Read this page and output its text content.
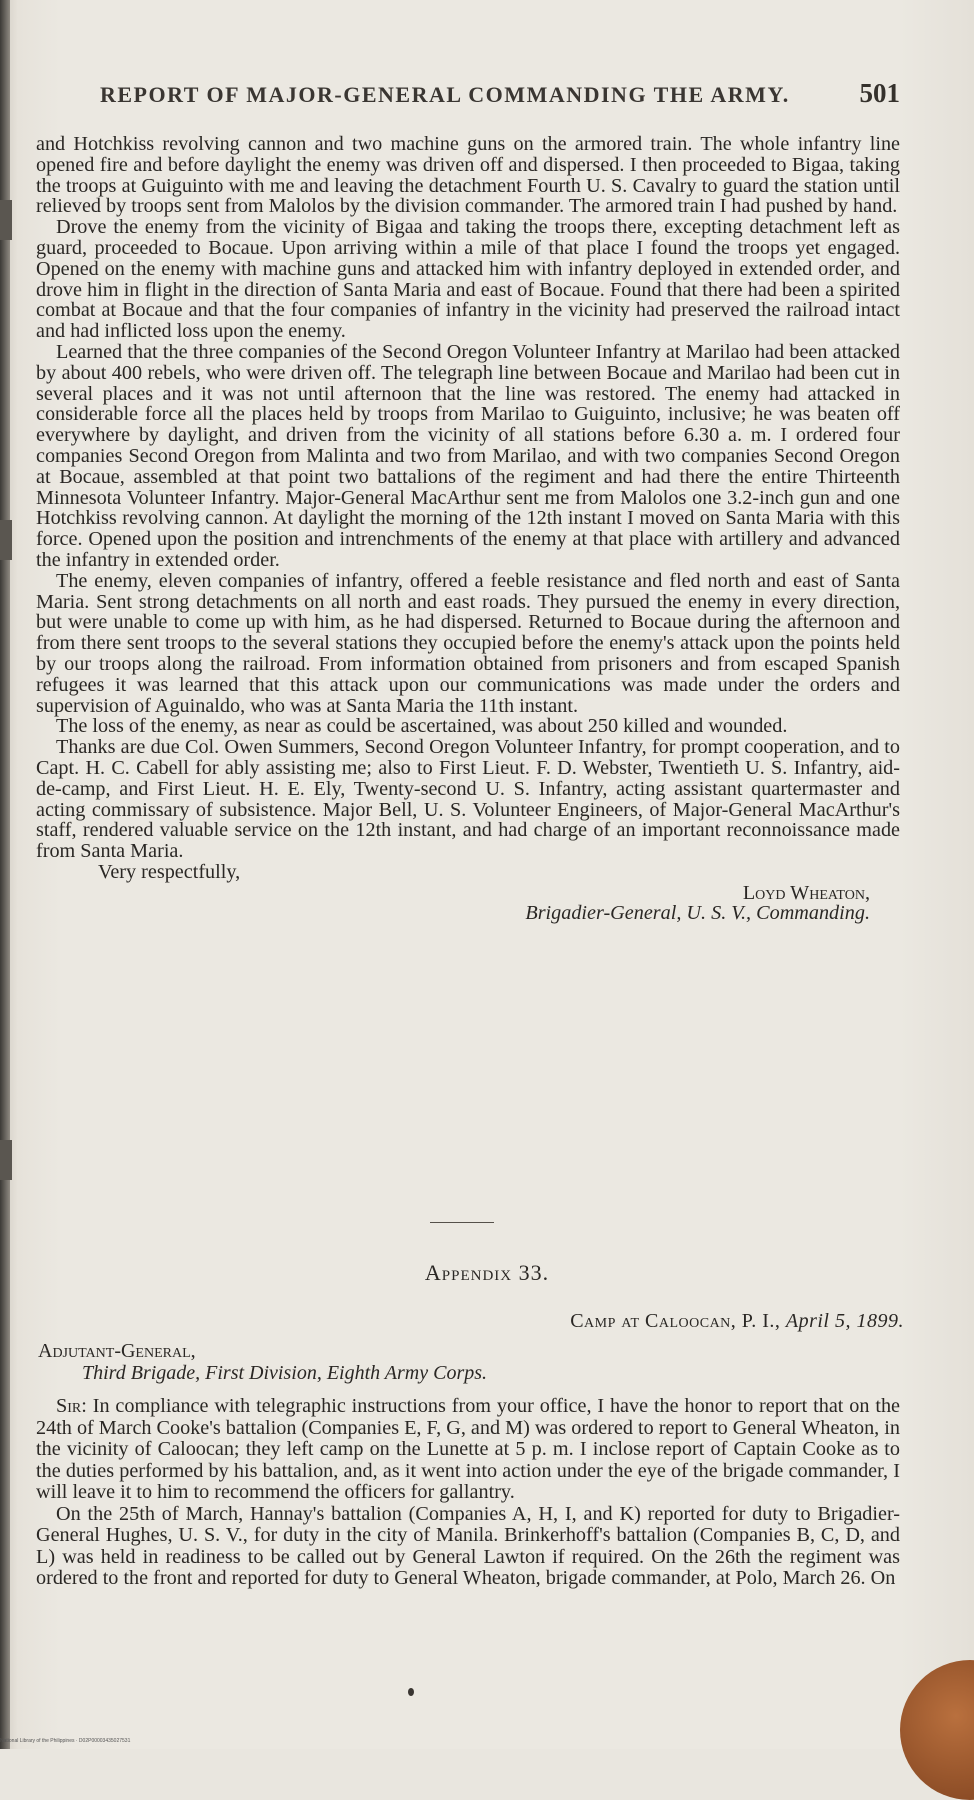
REPORT OF MAJOR-GENERAL COMMANDING THE ARMY.	501

and Hotchkiss revolving cannon and two machine guns on the armored train. The whole infantry line opened fire and before daylight the enemy was driven off and dispersed. I then proceeded to Bigaa, taking the troops at Guiguinto with me and leaving the detachment Fourth U. S. Cavalry to guard the station until relieved by troops sent from Malolos by the division commander. The armored train I had pushed by hand.

Drove the enemy from the vicinity of Bigaa and taking the troops there, excepting detachment left as guard, proceeded to Bocaue. Upon arriving within a mile of that place I found the troops yet engaged. Opened on the enemy with machine guns and attacked him with infantry deployed in extended order, and drove him in flight in the direction of Santa Maria and east of Bocaue. Found that there had been a spirited combat at Bocaue and that the four companies of infantry in the vicinity had preserved the railroad intact and had inflicted loss upon the enemy.

Learned that the three companies of the Second Oregon Volunteer Infantry at Marilao had been attacked by about 400 rebels, who were driven off. The telegraph line between Bocaue and Marilao had been cut in several places and it was not until afternoon that the line was restored. The enemy had attacked in considerable force all the places held by troops from Marilao to Guiguinto, inclusive; he was beaten off everywhere by daylight, and driven from the vicinity of all stations before 6.30 a. m. I ordered four companies Second Oregon from Malinta and two from Marilao, and with two companies Second Oregon at Bocaue, assembled at that point two battalions of the regiment and had there the entire Thirteenth Minnesota Volunteer Infantry. Major-General MacArthur sent me from Malolos one 3.2-inch gun and one Hotchkiss revolving cannon. At daylight the morning of the 12th instant I moved on Santa Maria with this force. Opened upon the position and intrenchments of the enemy at that place with artillery and advanced the infantry in extended order.

The enemy, eleven companies of infantry, offered a feeble resistance and fled north and east of Santa Maria. Sent strong detachments on all north and east roads. They pursued the enemy in every direction, but were unable to come up with him, as he had dispersed. Returned to Bocaue during the afternoon and from there sent troops to the several stations they occupied before the enemy's attack upon the points held by our troops along the railroad. From information obtained from prisoners and from escaped Spanish refugees it was learned that this attack upon our communications was made under the orders and supervision of Aguinaldo, who was at Santa Maria the 11th instant.

The loss of the enemy, as near as could be ascertained, was about 250 killed and wounded.

Thanks are due Col. Owen Summers, Second Oregon Volunteer Infantry, for prompt cooperation, and to Capt. H. C. Cabell for ably assisting me; also to First Lieut. F. D. Webster, Twentieth U. S. Infantry, aid-de-camp, and First Lieut. H. E. Ely, Twenty-second U. S. Infantry, acting assistant quartermaster and acting commissary of subsistence. Major Bell, U. S. Volunteer Engineers, of Major-General MacArthur's staff, rendered valuable service on the 12th instant, and had charge of an important reconnoissance made from Santa Maria.

Very respectfully,

Loyd Wheaton,

Brigadier-General, U. S. V., Commanding.

Appendix 33.
Camp at Caloocan, P. I., April 5, 1899.

Adjutant-General,

Third Brigade, First Division, Eighth Army Corps.

Sir: In compliance with telegraphic instructions from your office, I have the honor to report that on the 24th of March Cooke's battalion (Companies E, F, G, and M) was ordered to report to General Wheaton, in the vicinity of Caloocan; they left camp on the Lunette at 5 p. m. I inclose report of Captain Cooke as to the duties performed by his battalion, and, as it went into action under the eye of the brigade commander, I will leave it to him to recommend the officers for gallantry.

On the 25th of March, Hannay's battalion (Companies A, H, I, and K) reported for duty to Brigadier-General Hughes, U. S. V., for duty in the city of Manila. Brinkerhoff's battalion (Companies B, C, D, and L) was held in readiness to be called out by General Lawton if required. On the 26th the regiment was ordered to the front and reported for duty to General Wheaton, brigade commander, at Polo, March 26. On

National Library of the Philippines · D02P00003435027531
